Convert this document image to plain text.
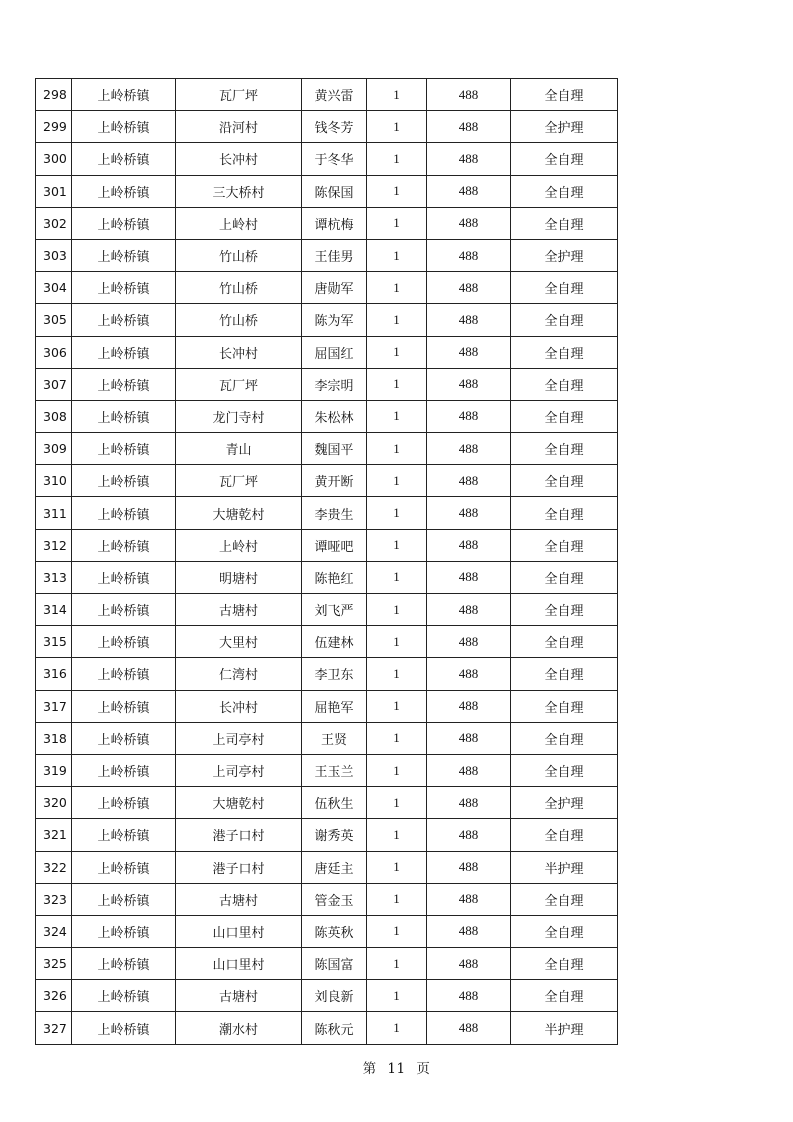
298	上岭桥镇	瓦厂坪	黄兴雷	1	488	全自理
299	上岭桥镇	沿河村	钱冬芳	1	488	全护理
300	上岭桥镇	长冲村	于冬华	1	488	全自理
301	上岭桥镇	三大桥村	陈保国	1	488	全自理
302	上岭桥镇	上岭村	谭杭梅	1	488	全自理
303	上岭桥镇	竹山桥	王佳男	1	488	全护理
304	上岭桥镇	竹山桥	唐勋军	1	488	全自理
305	上岭桥镇	竹山桥	陈为军	1	488	全自理
306	上岭桥镇	长冲村	屈国红	1	488	全自理
307	上岭桥镇	瓦厂坪	李宗明	1	488	全自理
308	上岭桥镇	龙门寺村	朱松林	1	488	全自理
309	上岭桥镇	青山	魏国平	1	488	全自理
310	上岭桥镇	瓦厂坪	黄开断	1	488	全自理
311	上岭桥镇	大塘乾村	李贵生	1	488	全自理
312	上岭桥镇	上岭村	谭哑吧	1	488	全自理
313	上岭桥镇	明塘村	陈艳红	1	488	全自理
314	上岭桥镇	古塘村	刘飞严	1	488	全自理
315	上岭桥镇	大里村	伍建林	1	488	全自理
316	上岭桥镇	仁湾村	李卫东	1	488	全自理
317	上岭桥镇	长冲村	屈艳军	1	488	全自理
318	上岭桥镇	上司亭村	王贤	1	488	全自理
319	上岭桥镇	上司亭村	王玉兰	1	488	全自理
320	上岭桥镇	大塘乾村	伍秋生	1	488	全护理
321	上岭桥镇	港子口村	谢秀英	1	488	全自理
322	上岭桥镇	港子口村	唐廷主	1	488	半护理
323	上岭桥镇	古塘村	管金玉	1	488	全自理
324	上岭桥镇	山口里村	陈英秋	1	488	全自理
325	上岭桥镇	山口里村	陈国富	1	488	全自理
326	上岭桥镇	古塘村	刘良新	1	488	全自理
327	上岭桥镇	潮水村	陈秋元	1	488	半护理
第 11 页
